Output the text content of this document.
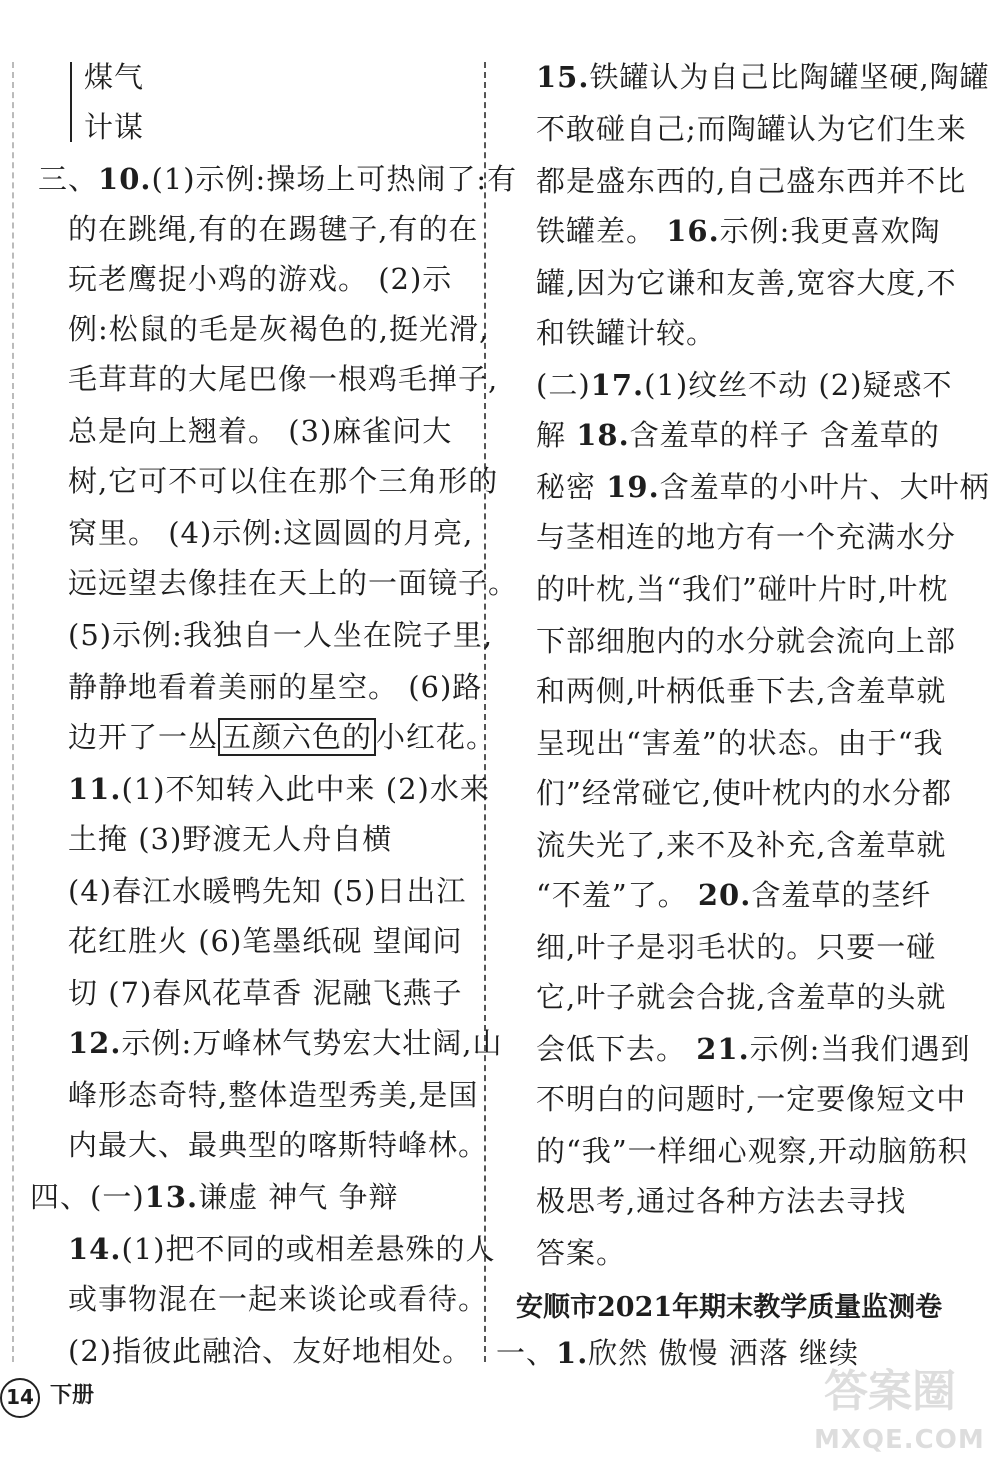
煤气
计谋
三、10.(1)示例:操场上可热闹了:有
的在跳绳,有的在踢毽子,有的在
玩老鹰捉小鸡的游戏。 (2)示
例:松鼠的毛是灰褐色的,挺光滑,
毛茸茸的大尾巴像一根鸡毛掸子,
总是向上翘着。 (3)麻雀问大
树,它可不可以住在那个三角形的
窝里。 (4)示例:这圆圆的月亮,
远远望去像挂在天上的一面镜子。
(5)示例:我独自一人坐在院子里,
静静地看着美丽的星空。 (6)路
边开了一丛 五颜六色的 小红花。
11.(1)不知转入此中来 (2)水来
土掩 (3)野渡无人舟自横
(4)春江水暖鸭先知 (5)日出江
花红胜火 (6)笔墨纸砚 望闻问
切 (7)春风花草香 泥融飞燕子
12.示例:万峰林气势宏大壮阔,山
峰形态奇特,整体造型秀美,是国
内最大、最典型的喀斯特峰林。
四、(一)13.谦虚 神气 争辩
14.(1)把不同的或相差悬殊的人
或事物混在一起来谈论或看待。
(2)指彼此融洽、友好地相处。
15.铁罐认为自己比陶罐坚硬,陶罐
不敢碰自己;而陶罐认为它们生来
都是盛东西的,自己盛东西并不比
铁罐差。 16.示例:我更喜欢陶
罐,因为它谦和友善,宽容大度,不
和铁罐计较。
(二)17.(1)纹丝不动 (2)疑惑不
解 18.含羞草的样子 含羞草的
秘密 19.含羞草的小叶片、大叶柄
与茎相连的地方有一个充满水分
的叶枕,当“我们”碰叶片时,叶枕
下部细胞内的水分就会流向上部
和两侧,叶柄低垂下去,含羞草就
呈现出“害羞”的状态。由于“我
们”经常碰它,使叶枕内的水分都
流失光了,来不及补充,含羞草就
“不羞”了。 20.含羞草的茎纤
细,叶子是羽毛状的。只要一碰
它,叶子就会合拢,含羞草的头就
会低下去。 21.示例:当我们遇到
不明白的问题时,一定要像短文中
的“我”一样细心观察,开动脑筋积
极思考,通过各种方法去寻找
答案。
安顺市2021年期末教学质量监测卷
一、1.欣然 傲慢 洒落 继续
14 下册	答案圈
MXQE.COM
